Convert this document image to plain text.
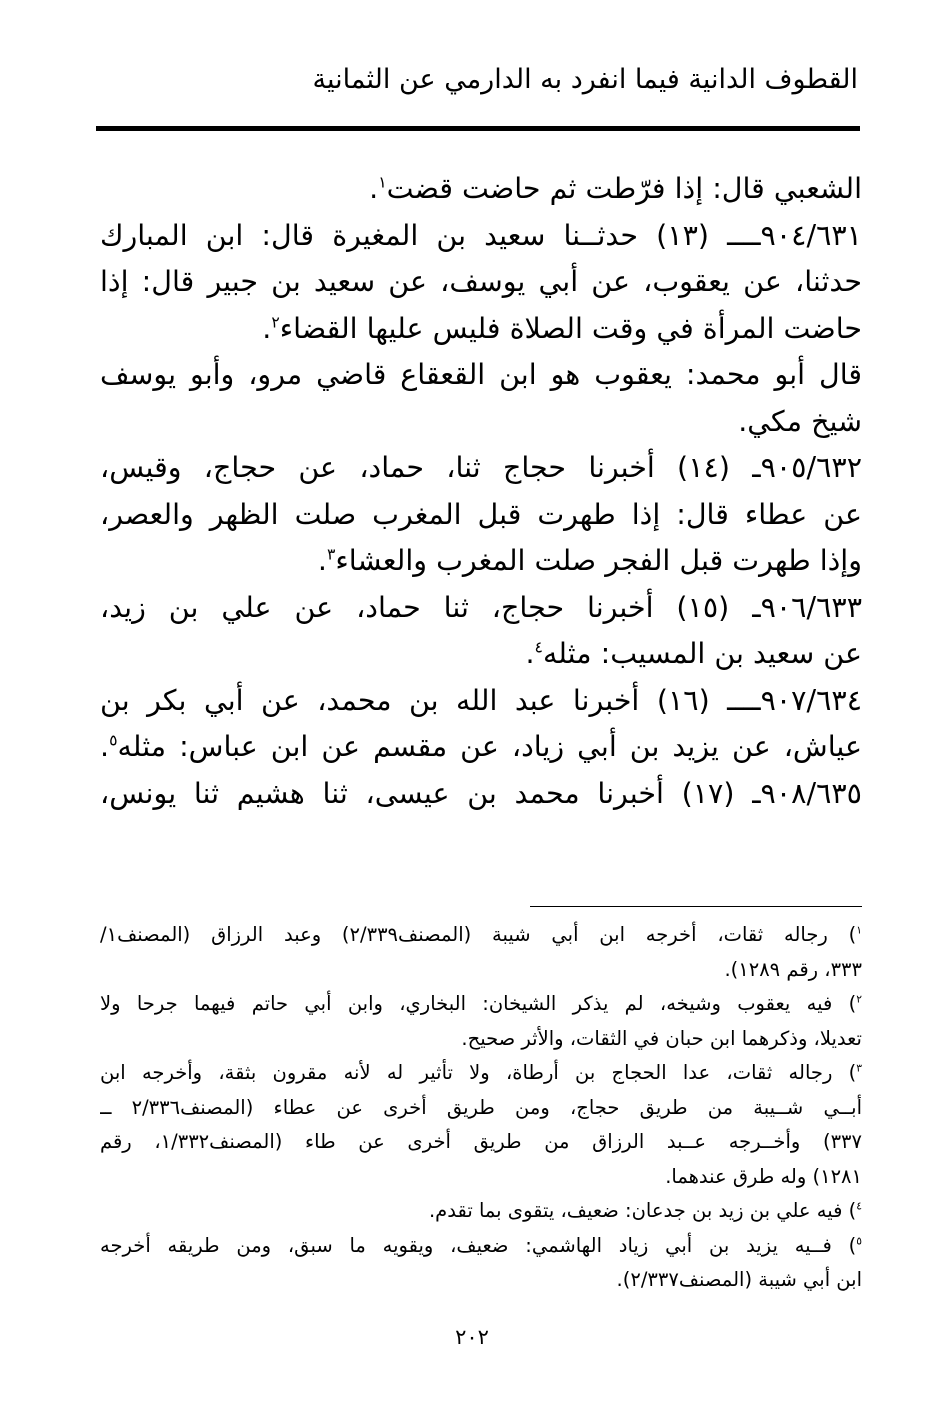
القطوف الدانية فيما انفرد به الدارمي عن الثمانية
الشعبي قال: إذا فرّطت ثم حاضت قضت$^١$.
٩٠٤/٦٣١ــــ (١٣) حدثــنا سعيد بن المغيرة قال: ابن المبارك
حدثنا، عن يعقوب، عن أبي يوسف، عن سعيد بن جبير قال: إذا
حاضت المرأة في وقت الصلاة فليس عليها القضاء$^٢$.
قال أبو محمد: يعقوب هو ابن القعقاع قاضي مرو، وأبو يوسف
شيخ مكي.
٩٠٥/٦٣٢ـ (١٤) أخبرنا حجاج ثنا، حماد، عن حجاج، وقيس،
عن عطاء قال: إذا طهرت قبل المغرب صلت الظهر والعصر،
وإذا طهرت قبل الفجر صلت المغرب والعشاء$^٣$.
٩٠٦/٦٣٣ـ (١٥) أخبرنا حجاج، ثنا حماد، عن علي بن زيد،
عن سعيد بن المسيب: مثله$^٤$.
٩٠٧/٦٣٤ــــ (١٦) أخبرنا عبد الله بن محمد، عن أبي بكر بن
عياش، عن يزيد بن أبي زياد، عن مقسم عن ابن عباس: مثله$^٥$.
٩٠٨/٦٣٥ـ (١٧) أخبرنا محمد بن عيسى، ثنا هشيم ثنا يونس،
$^١$) رجاله ثقات، أخرجه ابن أبي شيبة (المصنف٢/٣٣٩) وعبد الرزاق (المصنف١/
٣٣٣، رقم ١٢٨٩).
$^٢$) فيه يعقوب وشيخه، لم يذكر الشيخان: البخاري، وابن أبي حاتم فيهما جرحا ولا
تعديلا، وذكرهما ابن حبان في الثقات، والأثر صحيح.
$^٣$) رجاله ثقات، عدا الحجاج بن أرطاة، ولا تأثير له لأنه مقرون بثقة، وأخرجه ابن
أبــي شــيبة من طريق حجاج، ومن طريق أخرى عن عطاء (المصنف٢/٣٣٦ ــ
٣٣٧) وأخــرجه عــبد الرزاق من طريق أخرى عن طاء (المصنف١/٣٣٢، رقم
١٢٨١) وله طرق عندهما.
$^٤$) فيه علي بن زيد بن جدعان: ضعيف، يتقوى بما تقدم.
$^٥$) فــيه يزيد بن أبي زياد الهاشمي: ضعيف، ويقويه ما سبق، ومن طريقه أخرجه
ابن أبي شيبة (المصنف٢/٣٣٧).
٢٠٢
